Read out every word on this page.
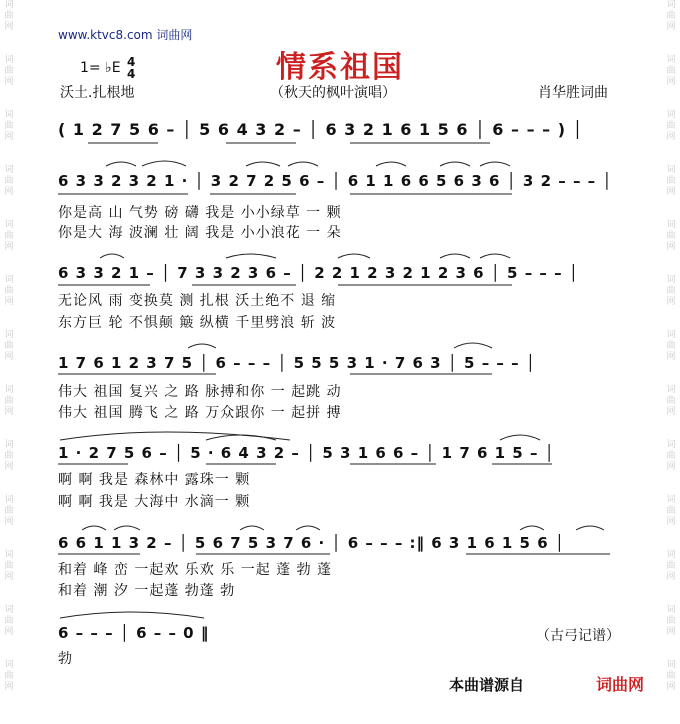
词
曲
网
词
曲
网
词
曲
网
词
曲
网
词
曲
网
词
曲
网
词
曲
网
词
曲
网
词
曲
网
词
曲
网
词
曲
网
词
曲
网
词
曲
网
词
曲
网
词
曲
网
词
曲
网
词
曲
网
词
曲
网
词
曲
网
词
曲
网
词
曲
网
词
曲
网
词
曲
网
词
曲
网
词
曲
网
词
曲
网
www.ktvc8.com 词曲网
情系祖国
1= ♭E 4
4
沃土.扎根地	（秋天的枫叶演唱）	肖华胜词曲
( 1 2 7 5 6 – │ 5 6 4 3 2 – │ 6 3 2 1 6 1 5 6 │ 6 – – – ) │
6 3 3 2 3 2 1 · │ 3 2 7 2 5 6 – │ 6 1 1 6 6 5 6 3 6 │ 3 2 – – – │
你是高 山 气势 磅 礴 我是 小小绿草 一 颗
你是大 海 波澜 壮 阔 我是 小小浪花 一 朵
6 3 3 2 1 – │ 7 3 3 2 3 6 – │ 2 2 1 2 3 2 1 2 3 6 │ 5 – – – │
无论风 雨 变换莫 测 扎根 沃土绝不 退 缩
东方巨 轮 不惧颠 簸 纵横 千里劈浪 斩 波
1 7 6 1 2 3 7 5 │ 6 – – – │ 5 5 5 3 1 · 7 6 3 │ 5 – – – │
伟大 祖国 复兴 之 路 脉搏和你 一 起跳 动
伟大 祖国 腾飞 之 路 万众跟你 一 起拼 搏
1 · 2 7 5 6 – │ 5 · 6 4 3 2 – │ 5 3 1 6 6 – │ 1 7 6 1 5 – │
啊 啊 我是 森林中 露珠一 颗
啊 啊 我是 大海中 水滴一 颗
6 6 1 1 3 2 – │ 5 6 7 5 3 7 6 · │ 6 – – – :‖ 6 3 1 6 1 5 6 │
和着 峰 峦 一起欢 乐欢 乐 一起 蓬 勃 蓬
和着 潮 汐 一起蓬 勃蓬 勃
6 – – – │ 6 – – 0 ‖
勃
（古弓记谱）
本曲谱源自	词曲网
